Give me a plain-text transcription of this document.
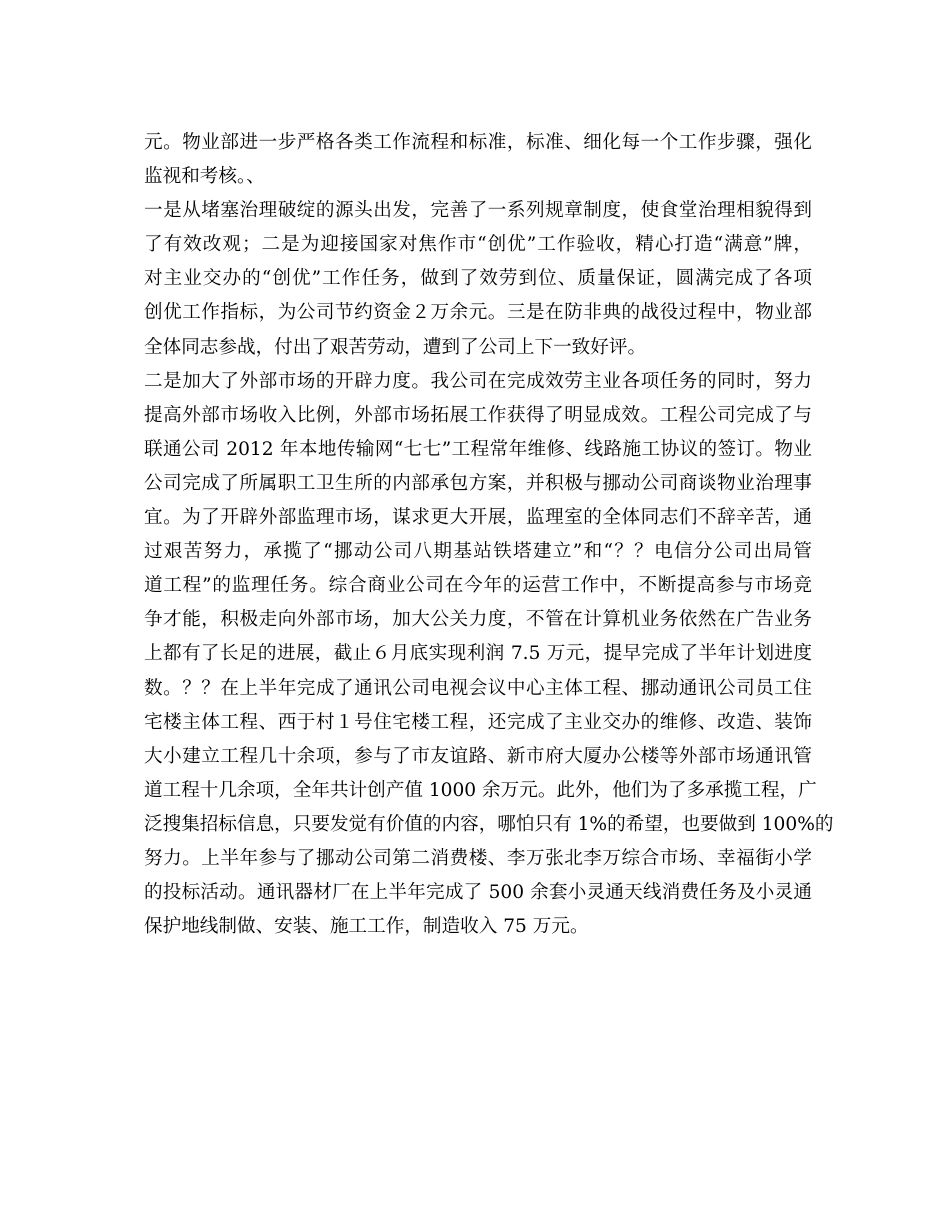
元。物业部进一步严格各类工作流程和标准，标准、细化每一个工作步骤，强化
监视和考核。、
一是从堵塞治理破绽的源头出发，完善了一系列规章制度，使食堂治理相貌得到
了有效改观；二是为迎接国家对焦作市“创优”工作验收，精心打造“满意”牌，
对主业交办的“创优”工作任务，做到了效劳到位、质量保证，圆满完成了各项
创优工作指标，为公司节约资金２万余元。三是在防非典的战役过程中，物业部
全体同志参战，付出了艰苦劳动，遭到了公司上下一致好评。
二是加大了外部市场的开辟力度。我公司在完成效劳主业各项任务的同时，努力
提高外部市场收入比例，外部市场拓展工作获得了明显成效。工程公司完成了与
联通公司 2012 年本地传输网“七七”工程常年维修、线路施工协议的签订。物业
公司完成了所属职工卫生所的内部承包方案，并积极与挪动公司商谈物业治理事
宜。为了开辟外部监理市场，谋求更大开展，监理室的全体同志们不辞辛苦，通
过艰苦努力，承揽了“挪动公司八期基站铁塔建立”和“？？电信分公司出局管
道工程”的监理任务。综合商业公司在今年的运营工作中，不断提高参与市场竞
争才能，积极走向外部市场，加大公关力度，不管在计算机业务依然在广告业务
上都有了长足的进展，截止６月底实现利润 7.5 万元，提早完成了半年计划进度
数。？？在上半年完成了通讯公司电视会议中心主体工程、挪动通讯公司员工住
宅楼主体工程、西于村１号住宅楼工程，还完成了主业交办的维修、改造、装饰
大小建立工程几十余项，参与了市友谊路、新市府大厦办公楼等外部市场通讯管
道工程十几余项，全年共计创产值 1000 余万元。此外，他们为了多承揽工程，广
泛搜集招标信息，只要发觉有价值的内容，哪怕只有 1%的希望，也要做到 100%的
努力。上半年参与了挪动公司第二消费楼、李万张北李万综合市场、幸福街小学
的投标活动。通讯器材厂在上半年完成了 500 余套小灵通天线消费任务及小灵通
保护地线制做、安装、施工工作，制造收入 75 万元。
